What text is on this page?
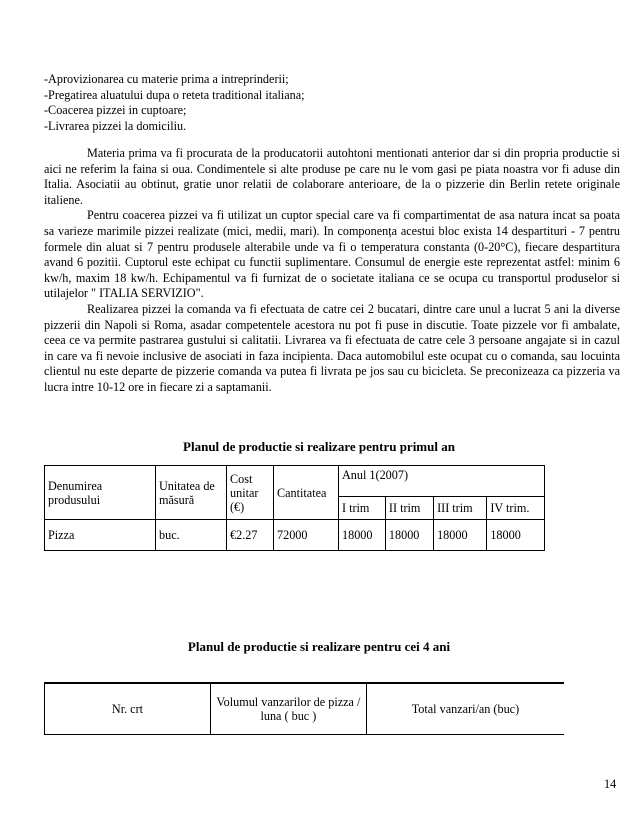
-Aprovizionarea cu materie prima a intreprinderii;
-Pregatirea aluatului dupa o reteta traditional italiana;
-Coacerea pizzei in cuptoare;
-Livrarea pizzei la domiciliu.

Materia prima va fi procurata de la producatorii autohtoni mentionati anterior dar si din propria productie si aici ne referim la faina si oua. Condimentele si alte produse pe care nu le vom gasi pe piata noastra vor fi aduse din Italia. Asociatii au obtinut, gratie unor relatii de colaborare anterioare, de la o pizzerie din Berlin retete originale italiene.

Pentru coacerea pizzei va fi utilizat un cuptor special care va fi compartimentat de asa natura incat sa poata sa varieze marimile pizzei realizate (mici, medii, mari). In componența acestui bloc exista 14 despartituri - 7 pentru formele din aluat si 7 pentru produsele alterabile unde va fi o temperatura constanta (0-20°C), fiecare despartitura avand 6 pozitii. Cuptorul este echipat cu functii suplimentare. Consumul de energie este reprezentat astfel: minim 6 kw/h, maxim 18 kw/h. Echipamentul va fi furnizat de o societate italiana ce se ocupa cu transportul produselor si utilajelor " ITALIA SERVIZIO".

Realizarea pizzei la comanda va fi efectuata de catre cei 2 bucatari, dintre care unul a lucrat 5 ani la diverse pizzerii din Napoli si Roma, asadar competentele acestora nu pot fi puse in discutie. Toate pizzele vor fi ambalate, ceea ce va permite pastrarea gustului si calitatii. Livrarea va fi efectuata de catre cele 3 persoane angajate si in cazul in care va fi nevoie inclusive de asociati in faza incipienta. Daca automobilul este ocupat cu o comanda, sau locuinta clientul nu este departe de pizzerie comanda va putea fi livrata pe jos sau cu bicicleta. Se preconizeaza ca pizzeria va lucra intre 10-12 ore in fiecare zi a saptamanii.

Planul de productie si realizare pentru primul an
Denumirea produsului	Unitatea de măsură	Cost unitar (€)	Cantitatea	Anul 1(2007)			
				I trim	II trim	III trim	IV trim.
Pizza	buc.	€2.27	72000	18000	18000	18000	18000
Planul de productie si realizare pentru cei 4 ani
Nr. crt	Volumul vanzarilor de pizza / luna ( buc )	Total vanzari/an (buc)
14
